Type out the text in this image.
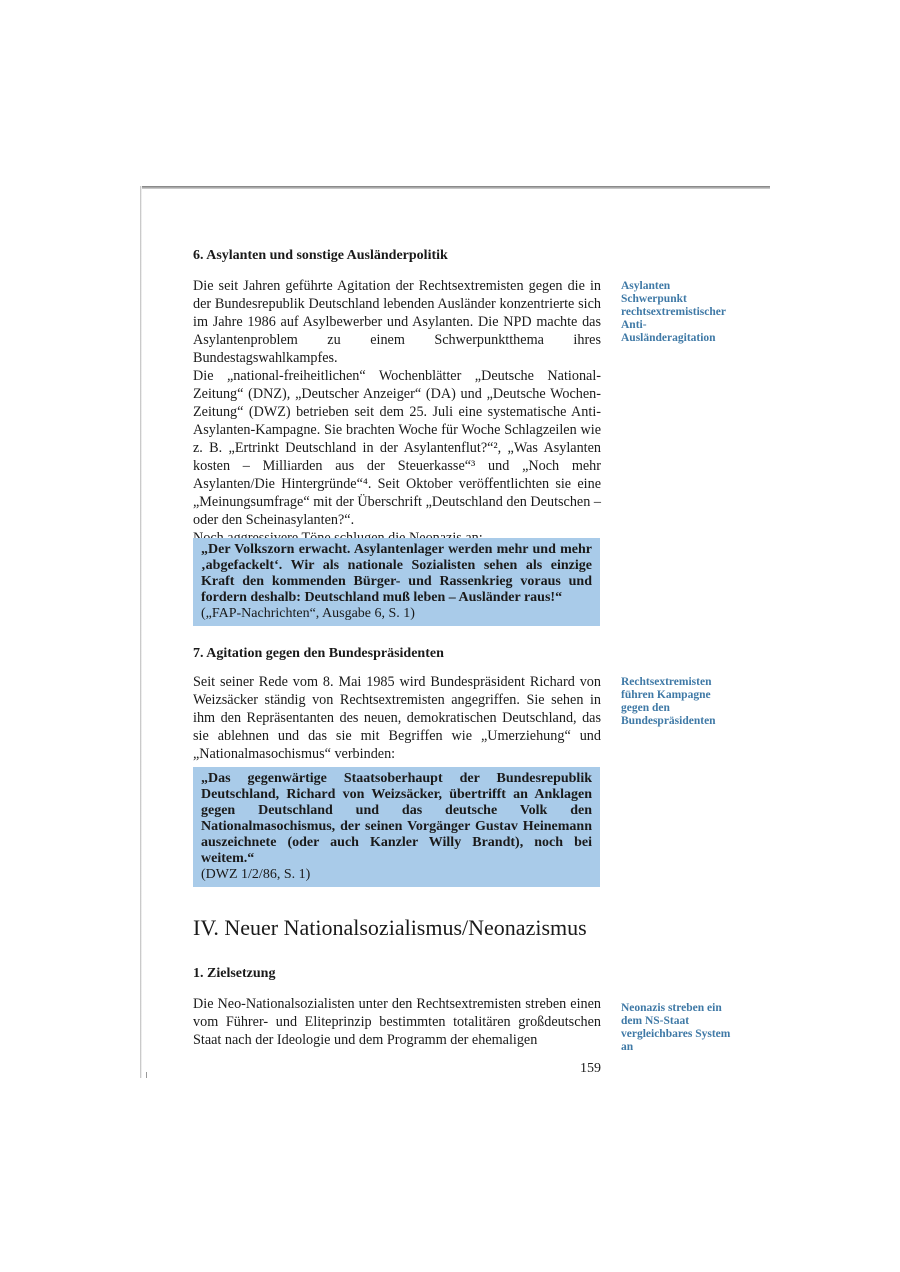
6. Asylanten und sonstige Ausländerpolitik

Die seit Jahren geführte Agitation der Rechtsextremisten gegen die in der Bundesrepublik Deutschland lebenden Ausländer konzentrierte sich im Jahre 1986 auf Asylbewerber und Asylanten. Die NPD machte das Asylantenproblem zu einem Schwerpunktthema ihres Bundestagswahlkampfes.

Die „national-freiheitlichen“ Wochenblätter „Deutsche National-Zeitung“ (DNZ), „Deutscher Anzeiger“ (DA) und „Deutsche Wochen-Zeitung“ (DWZ) betrieben seit dem 25. Juli eine systematische Anti-Asylanten-Kampagne. Sie brachten Woche für Woche Schlagzeilen wie z. B. „Ertrinkt Deutschland in der Asylantenflut?“², „Was Asylanten kosten – Milliarden aus der Steuerkasse“³ und „Noch mehr Asylanten/Die Hintergründe“⁴. Seit Oktober veröffentlichten sie eine „Meinungsumfrage“ mit der Überschrift „Deutschland den Deutschen – oder den Scheinasylanten?“.

Asylanten Schwerpunkt rechtsextremistischer Anti-Ausländeragitation
„Der Volkszorn erwacht. Asylantenlager werden mehr und mehr ‚abgefackelt‘. Wir als nationale Sozialisten sehen als einzige Kraft den kommenden Bürger- und Rassenkrieg voraus und fordern deshalb: Deutschland muß leben – Ausländer raus!“
(„FAP-Nachrichten“, Ausgabe 6, S. 1)
7. Agitation gegen den Bundespräsidenten

Seit seiner Rede vom 8. Mai 1985 wird Bundespräsident Richard von Weizsäcker ständig von Rechtsextremisten angegriffen. Sie sehen in ihm den Repräsentanten des neuen, demokratischen Deutschland, das sie ablehnen und das sie mit Begriffen wie „Umerziehung“ und „Nationalmasochismus“ verbinden:

Rechtsextremisten führen Kampagne gegen den Bundespräsidenten
„Das gegenwärtige Staatsoberhaupt der Bundesrepublik Deutschland, Richard von Weizsäcker, übertrifft an Anklagen gegen Deutschland und das deutsche Volk den Nationalmasochismus, der seinen Vorgänger Gustav Heinemann auszeichnete (oder auch Kanzler Willy Brandt), noch bei weitem.“
(DWZ 1/2/86, S. 1)
IV. Neuer Nationalsozialismus/Neonazismus
1. Zielsetzung

Die Neo-Nationalsozialisten unter den Rechtsextremisten streben einen vom Führer- und Eliteprinzip bestimmten totalitären großdeutschen Staat nach der Ideologie und dem Programm der ehemaligen

Neonazis streben ein dem NS-Staat vergleichbares System an
159
